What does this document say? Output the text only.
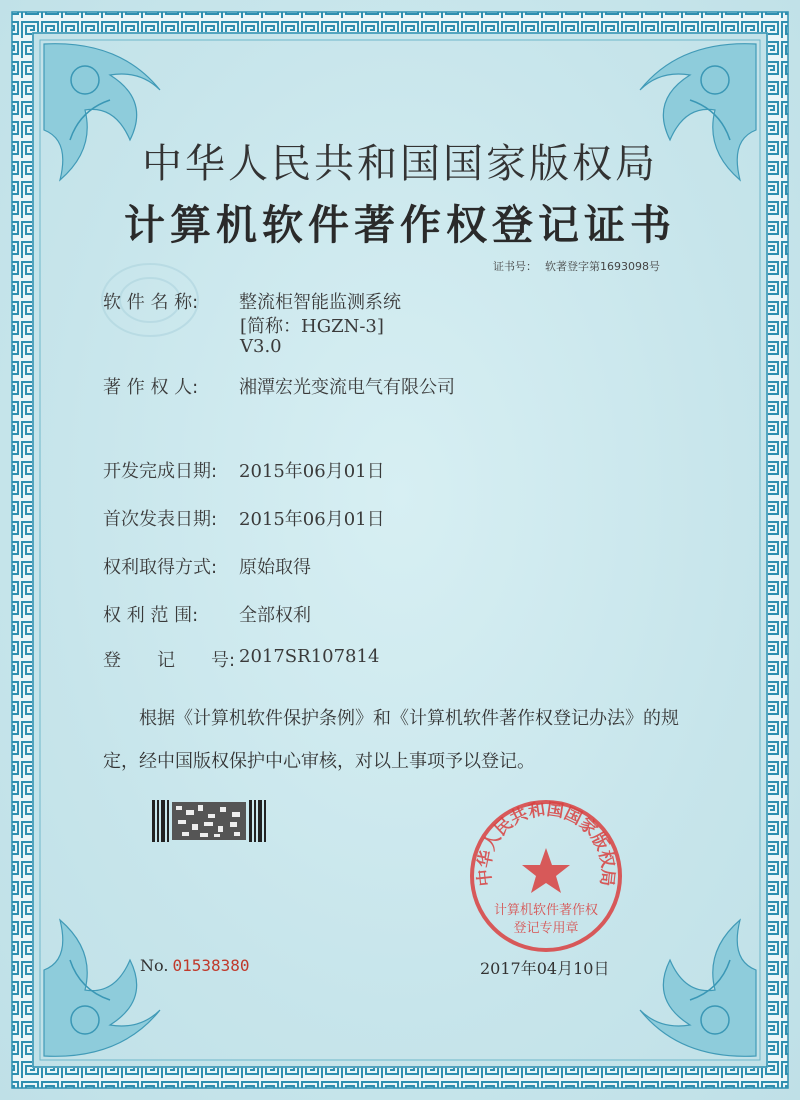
中华人民共和国国家版权局
计算机软件著作权登记证书
证书号： 软著登字第1693098号
软 件 名 称: 整流柜智能监测系统
[简称：HGZN-3]
V3.0
著 作 权 人: 湘潭宏光变流电气有限公司
开发完成日期: 2015年06月01日
首次发表日期: 2015年06月01日
权利取得方式: 原始取得
权 利 范 围: 全部权利
登　　记　　号: 2017SR107814
根据《计算机软件保护条例》和《计算机软件著作权登记办法》的规定，经中国版权保护中心审核，对以上事项予以登记。
No. 01538380	2017年04月10日
中华人民共和国国家版权局
计算机软件著作权
登记专用章
